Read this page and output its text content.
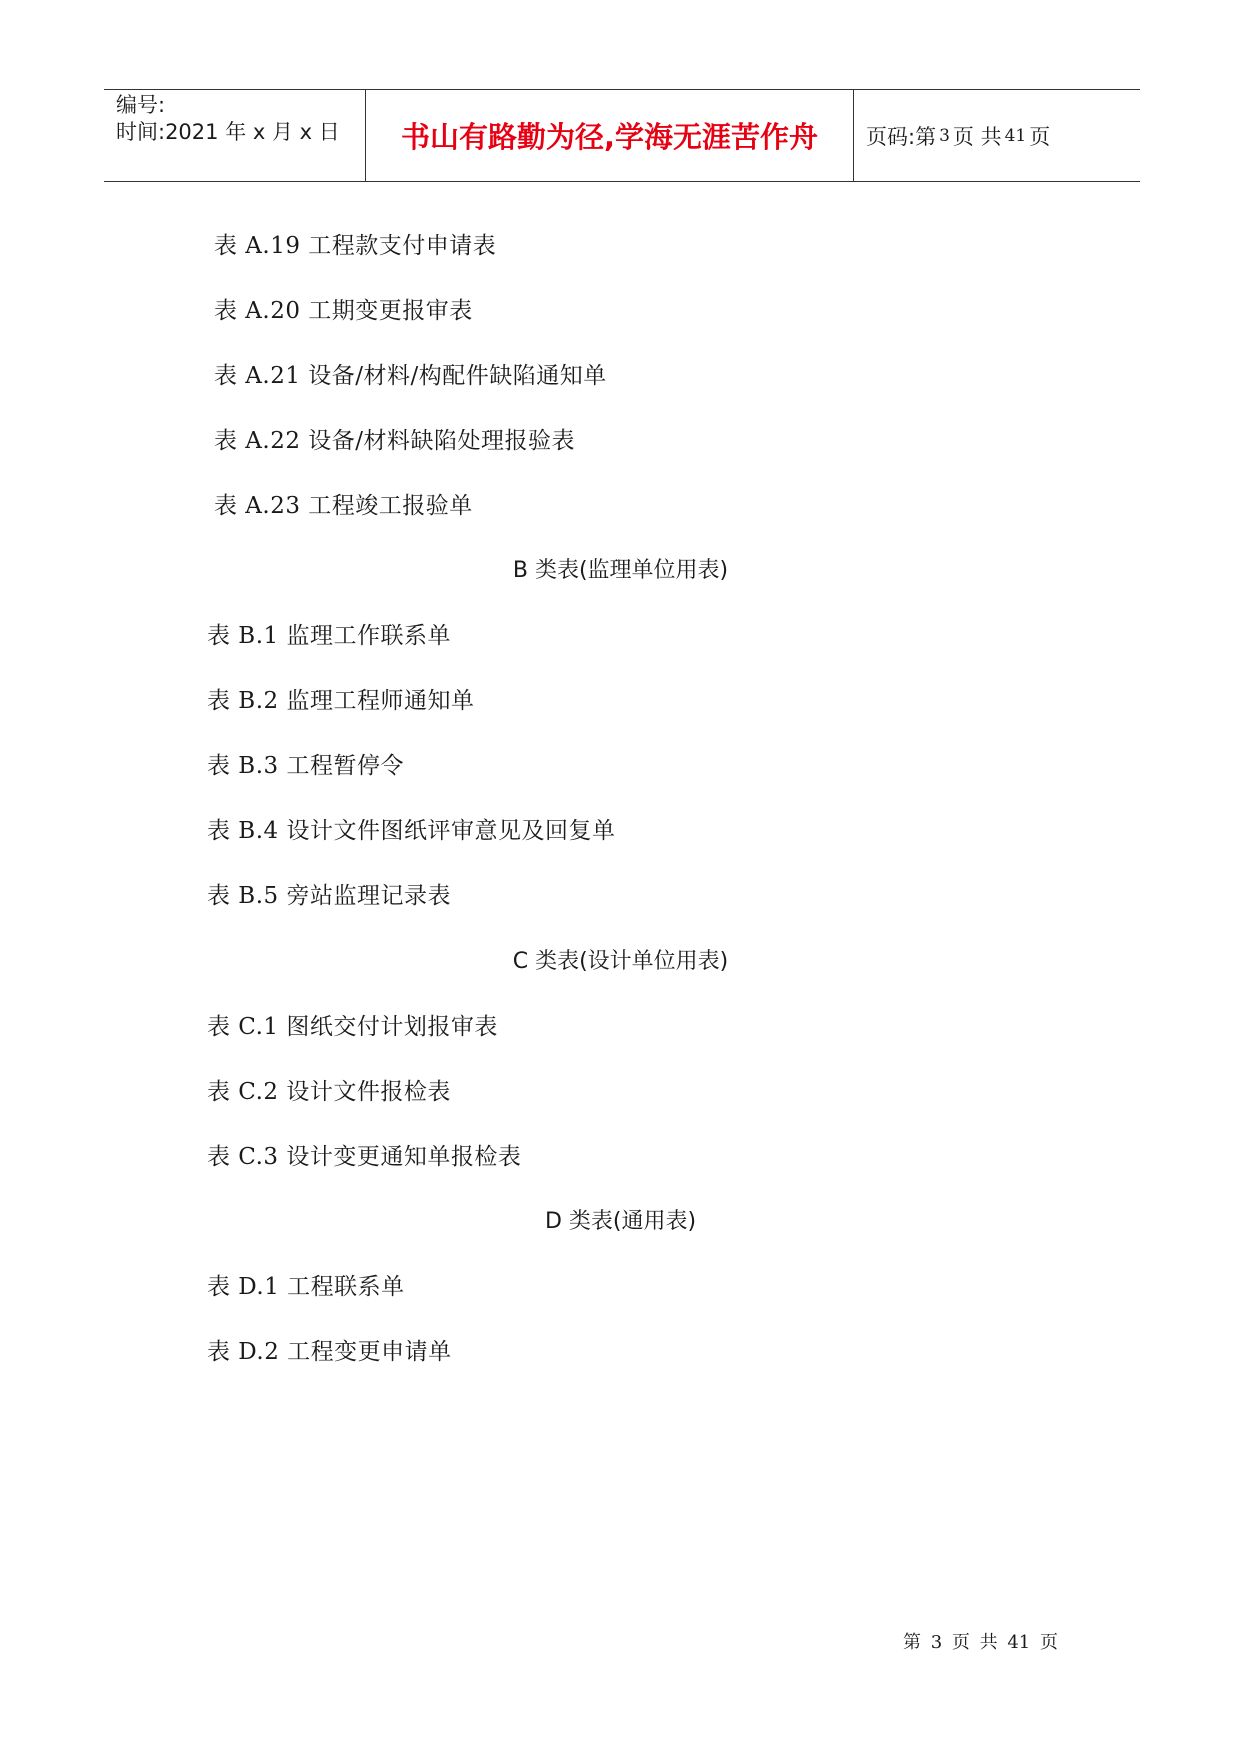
编号:
时间:2021 年 x 月 x 日 书山有路勤为径,学海无涯苦作舟 页码:第 3 页 共 41 页
表 A.19 工程款支付申请表
表 A.20 工期变更报审表
表 A.21 设备/材料/构配件缺陷通知单
表 A.22 设备/材料缺陷处理报验表
表 A.23 工程竣工报验单
B 类表(监理单位用表)
表 B.1 监理工作联系单
表 B.2 监理工程师通知单
表 B.3 工程暂停令
表 B.4 设计文件图纸评审意见及回复单
表 B.5 旁站监理记录表
C 类表(设计单位用表)
表 C.1 图纸交付计划报审表
表 C.2 设计文件报检表
表 C.3 设计变更通知单报检表
D 类表(通用表)
表 D.1 工程联系单
表 D.2 工程变更申请单
第 3 页 共 41 页
